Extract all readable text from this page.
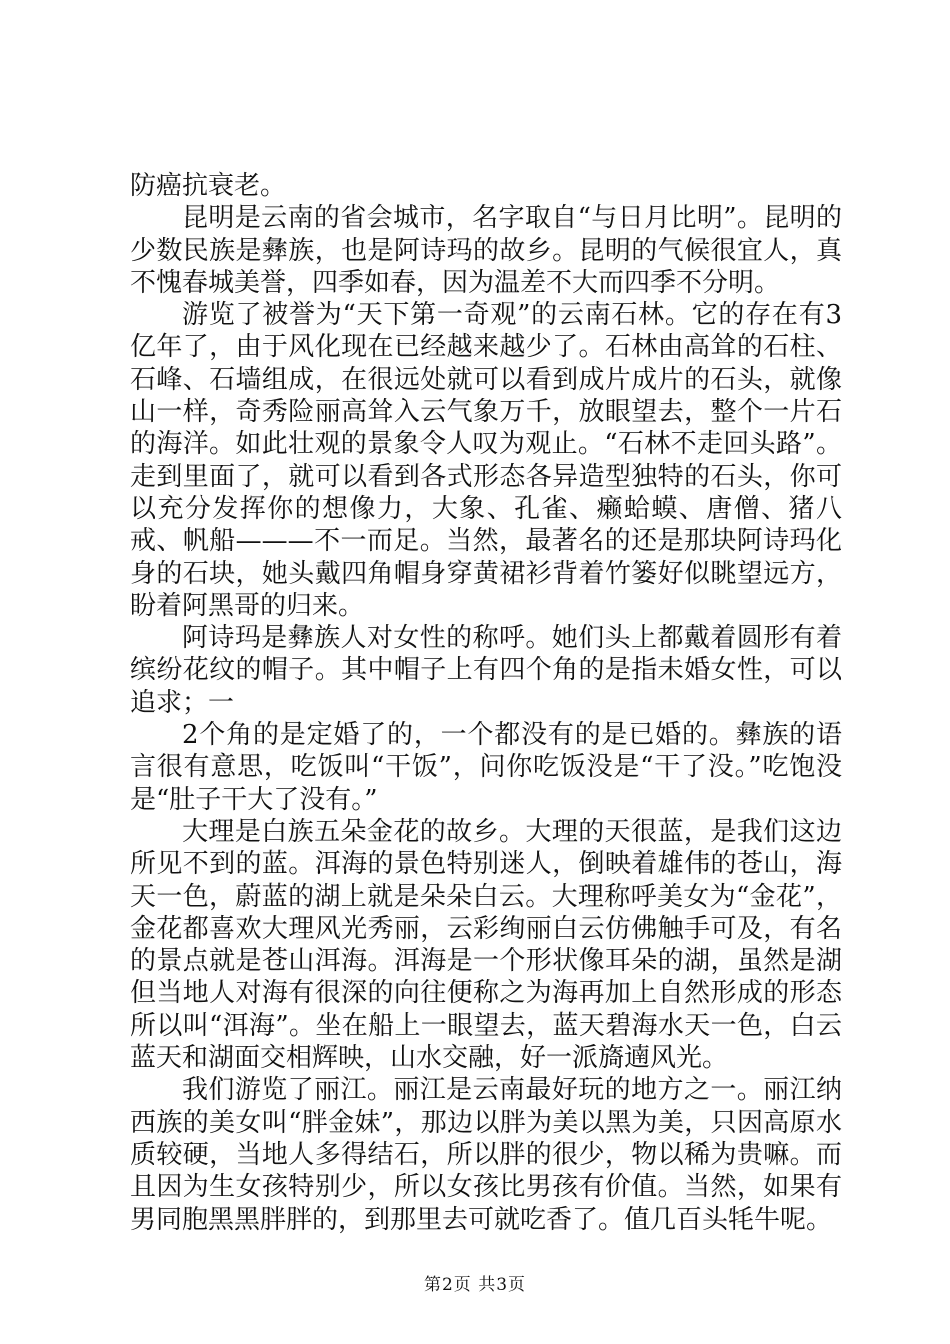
防癌抗衰老。

昆明是云南的省会城市，名字取自“与日月比明”。昆明的少数民族是彝族，也是阿诗玛的故乡。昆明的气候很宜人，真不愧春城美誉，四季如春，因为温差不大而四季不分明。

游览了被誉为“天下第一奇观”的云南石林。它的存在有3亿年了，由于风化现在已经越来越少了。石林由高耸的石柱、石峰、石墙组成，在很远处就可以看到成片成片的石头，就像山一样，奇秀险丽高耸入云气象万千，放眼望去，整个一片石的海洋。如此壮观的景象令人叹为观止。“石林不走回头路”。走到里面了，就可以看到各式形态各异造型独特的石头，你可以充分发挥你的想像力，大象、孔雀、癞蛤蟆、唐僧、猪八戒、帆船———不一而足。当然，最著名的还是那块阿诗玛化身的石块，她头戴四角帽身穿黄裙衫背着竹篓好似眺望远方，盼着阿黑哥的归来。

阿诗玛是彝族人对女性的称呼。她们头上都戴着圆形有着缤纷花纹的帽子。其中帽子上有四个角的是指未婚女性，可以追求；一

2个角的是定婚了的，一个都没有的是已婚的。彝族的语言很有意思，吃饭叫“干饭”，问你吃饭没是“干了没。”吃饱没是“肚子干大了没有。”

大理是白族五朵金花的故乡。大理的天很蓝，是我们这边所见不到的蓝。洱海的景色特别迷人，倒映着雄伟的苍山，海天一色，蔚蓝的湖上就是朵朵白云。大理称呼美女为“金花”，金花都喜欢大理风光秀丽，云彩绚丽白云仿佛触手可及，有名的景点就是苍山洱海。洱海是一个形状像耳朵的湖，虽然是湖但当地人对海有很深的向往便称之为海再加上自然形成的形态所以叫“洱海”。坐在船上一眼望去，蓝天碧海水天一色，白云蓝天和湖面交相辉映，山水交融，好一派旖遖风光。

我们游览了丽江。丽江是云南最好玩的地方之一。丽江纳西族的美女叫“胖金妹”，那边以胖为美以黑为美，只因高原水质较硬，当地人多得结石，所以胖的很少，物以稀为贵嘛。而且因为生女孩特别少，所以女孩比男孩有价值。当然，如果有男同胞黑黑胖胖的，到那里去可就吃香了。值几百头牦牛呢。

第2页 共3页
